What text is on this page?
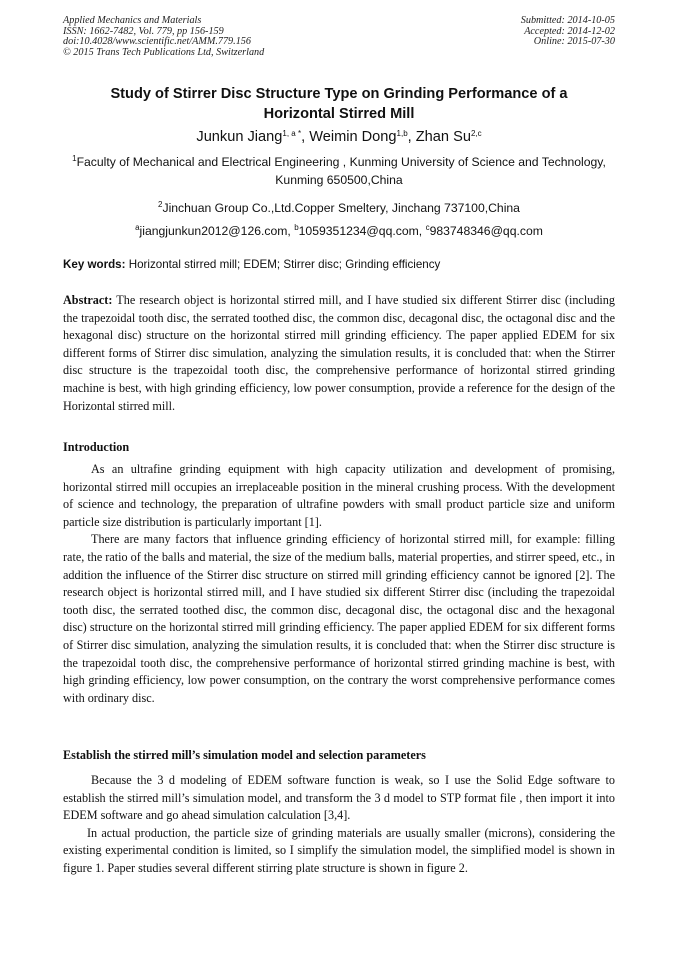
Applied Mechanics and Materials
ISSN: 1662-7482, Vol. 779, pp 156-159
doi:10.4028/www.scientific.net/AMM.779.156
© 2015 Trans Tech Publications Ltd, Switzerland
Submitted: 2014-10-05
Accepted: 2014-12-02
Online: 2015-07-30
Study of Stirrer Disc Structure Type on Grinding Performance of a
Horizontal Stirred Mill
Junkun Jiang$^{1, a *}$, Weimin Dong$^{1,b}$, Zhan Su$^{2,c}$
$^1$Faculty of Mechanical and Electrical Engineering , Kunming University of Science and Technology,
Kunming 650500,China
$^2$Jinchuan Group Co.,Ltd.Copper Smeltery, Jinchang 737100,China
$^a$jiangjunkun2012@126.com, $^b$1059351234@qq.com, $^c$983748346@qq.com
Key words: Horizontal stirred mill; EDEM; Stirrer disc; Grinding efficiency
Abstract: The research object is horizontal stirred mill, and I have studied six different Stirrer disc (including the trapezoidal tooth disc, the serrated toothed disc, the common disc, decagonal disc, the octagonal disc and the hexagonal disc) structure on the horizontal stirred mill grinding efficiency. The paper applied EDEM for six different forms of Stirrer disc simulation, analyzing the simulation results, it is concluded that: when the Stirrer disc structure is the trapezoidal tooth disc, the comprehensive performance of horizontal stirred grinding machine is best, with high grinding efficiency, low power consumption, provide a reference for the design of the Horizontal stirred mill.
Introduction

As an ultrafine grinding equipment with high capacity utilization and development of promising, horizontal stirred mill occupies an irreplaceable position in the mineral crushing process. With the development of science and technology, the preparation of ultrafine powders with small product particle size and uniform particle size distribution is particularly important [1].

There are many factors that influence grinding efficiency of horizontal stirred mill, for example: filling rate, the ratio of the balls and material, the size of the medium balls, material properties, and stirrer speed, etc., in addition the influence of the Stirrer disc structure on stirred mill grinding efficiency cannot be ignored [2]. The research object is horizontal stirred mill, and I have studied six different Stirrer disc (including the trapezoidal tooth disc, the serrated toothed disc, the common disc, decagonal disc, the octagonal disc and the hexagonal disc) structure on the horizontal stirred mill grinding efficiency. The paper applied EDEM for six different forms of Stirrer disc simulation, analyzing the simulation results, it is concluded that: when the Stirrer disc structure is the trapezoidal tooth disc, the comprehensive performance of horizontal stirred grinding machine is best, with high grinding efficiency, low power consumption, on the contrary the worst comprehensive performance comes with ordinary disc.

Establish the stirred mill’s simulation model and selection parameters

Because the 3 d modeling of EDEM software function is weak, so I use the Solid Edge software to establish the stirred mill’s simulation model, and transform the 3 d model to STP format file , then import it into EDEM software and go ahead simulation calculation [3,4].

In actual production, the particle size of grinding materials are usually smaller (microns), considering the existing experimental condition is limited, so I simplify the simulation model, the simplified model is shown in figure 1. Paper studies several different stirring plate structure is shown in figure 2.
